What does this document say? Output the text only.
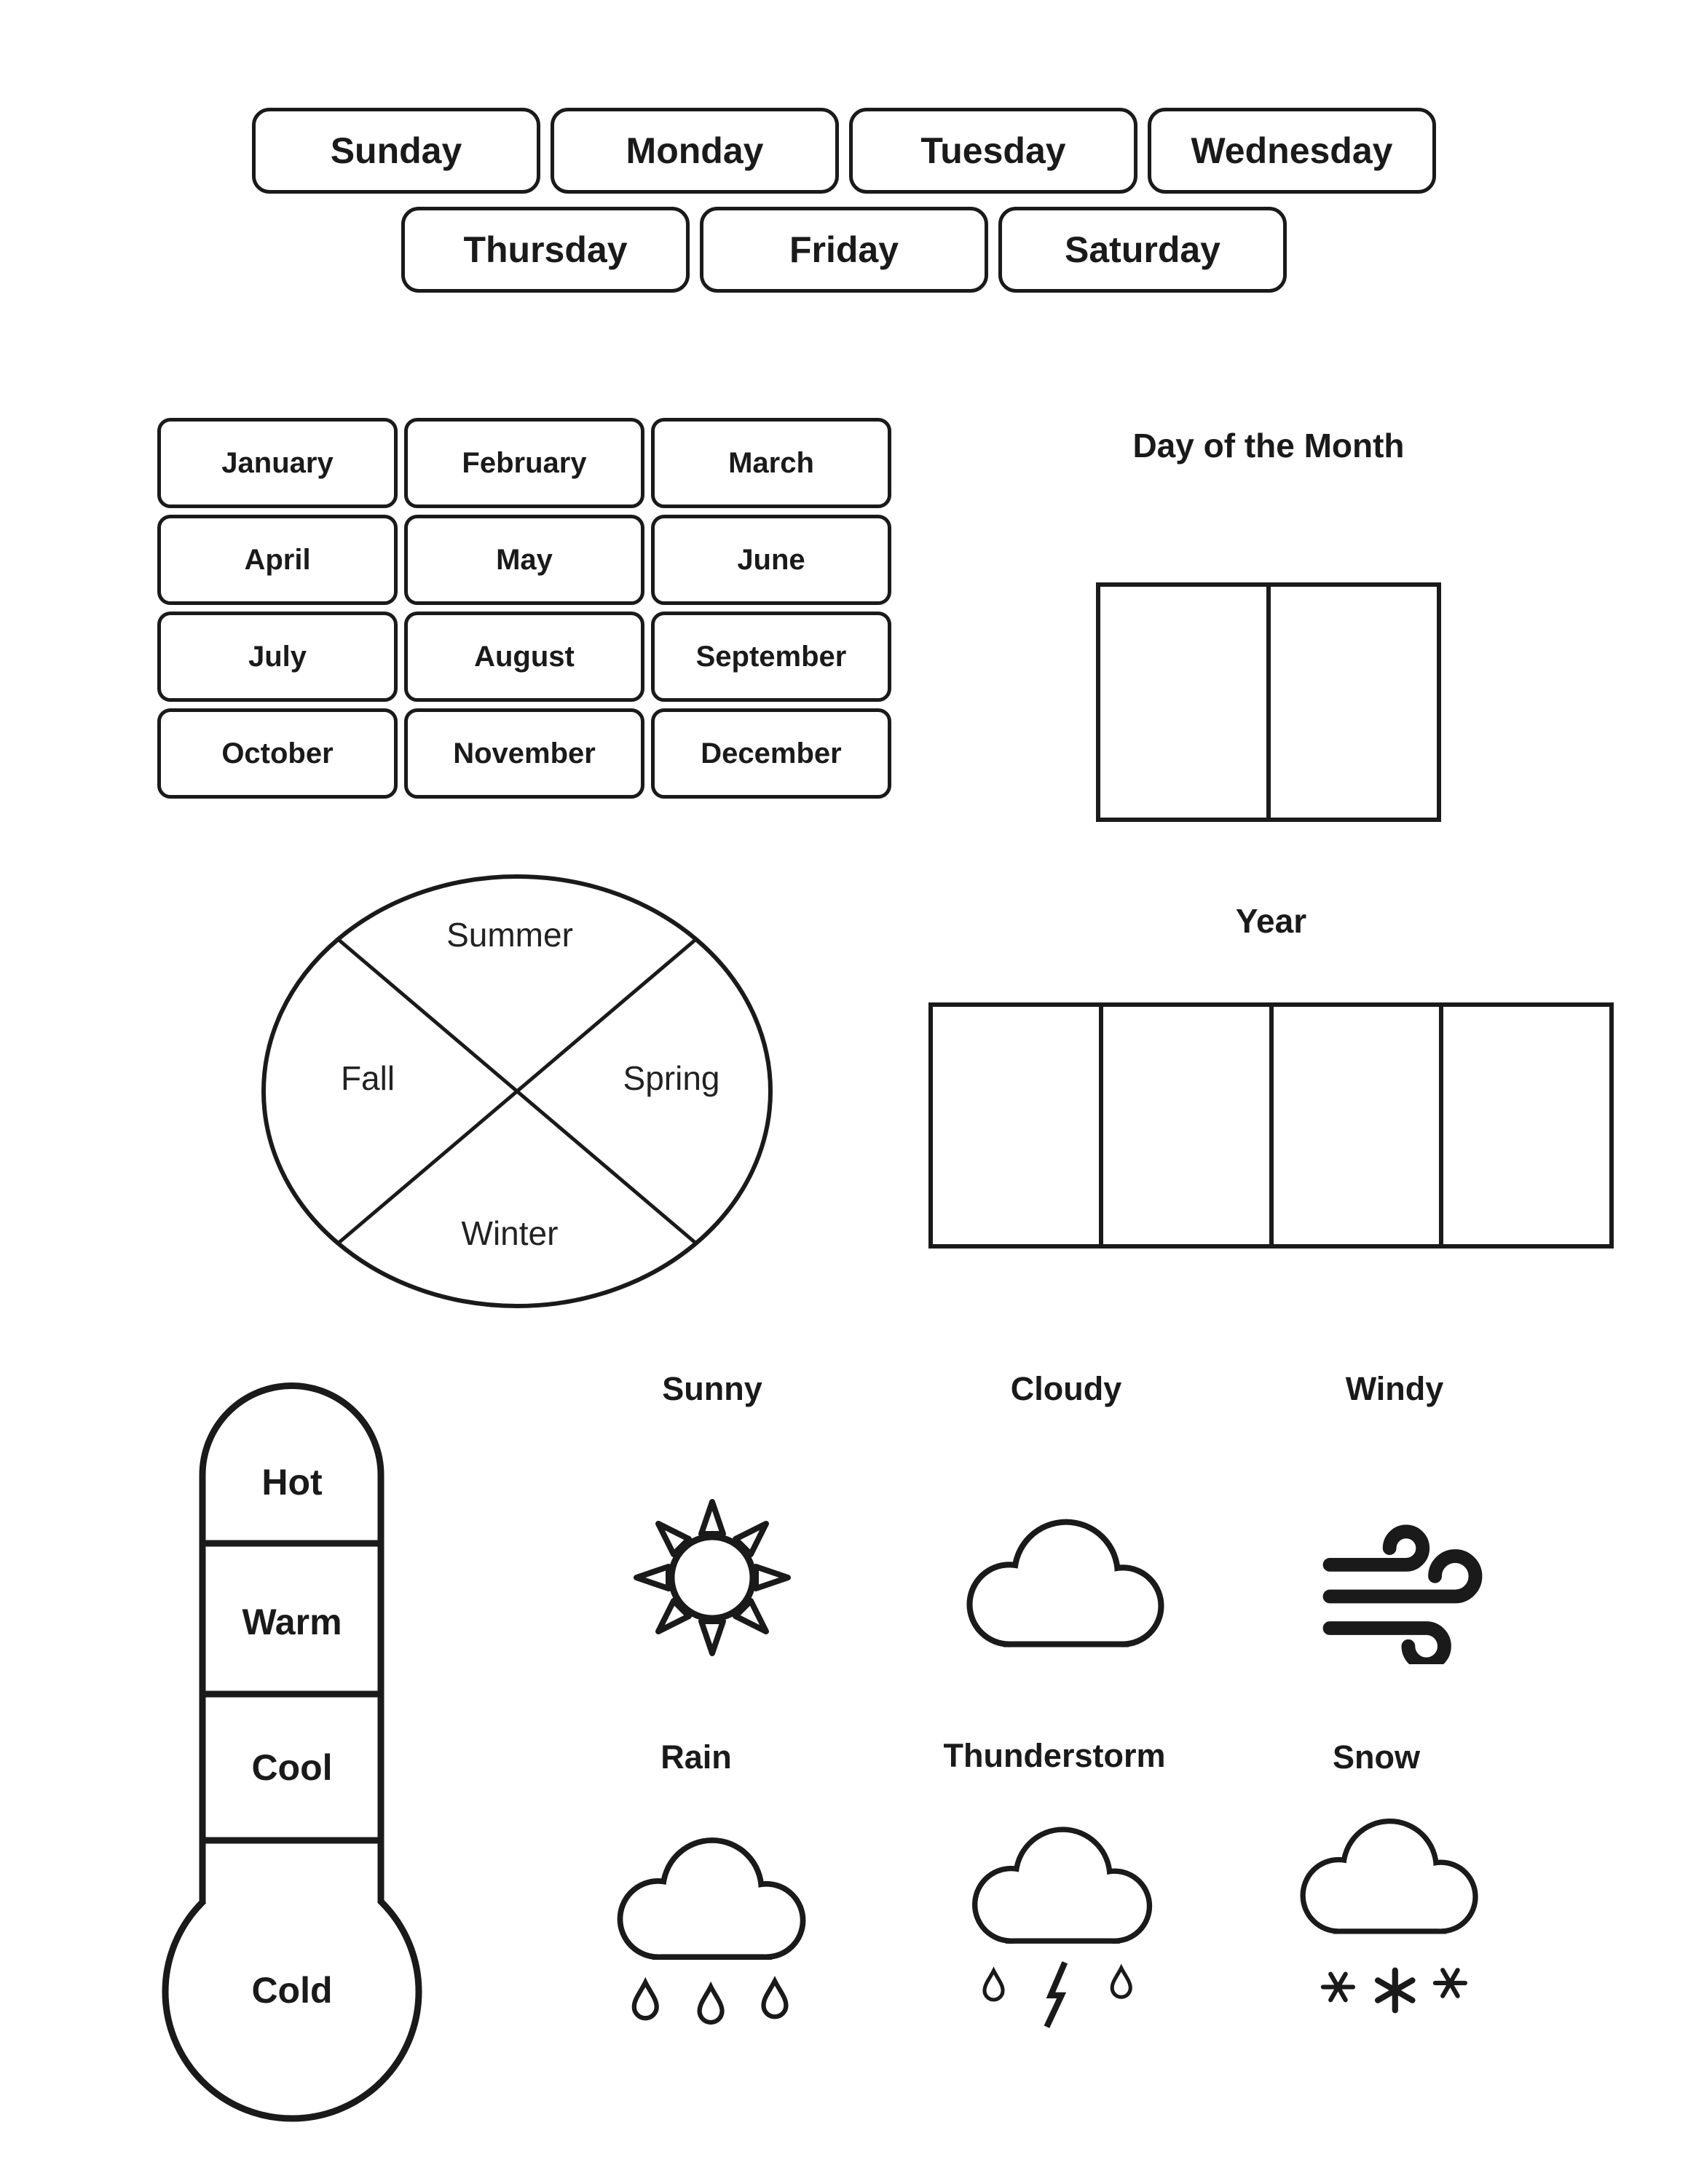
Sunday	Monday	Tuesday	Wednesday
Thursday	Friday	Saturday
January	February	March
April	May	June
July	August	September
October	November	December
Day of the Month
Year
Summer
Fall	Spring
Winter
Hot
Warm
Cool
Cold
Sunny	Cloudy	Windy
Rain	Thunderstorm	Snow
